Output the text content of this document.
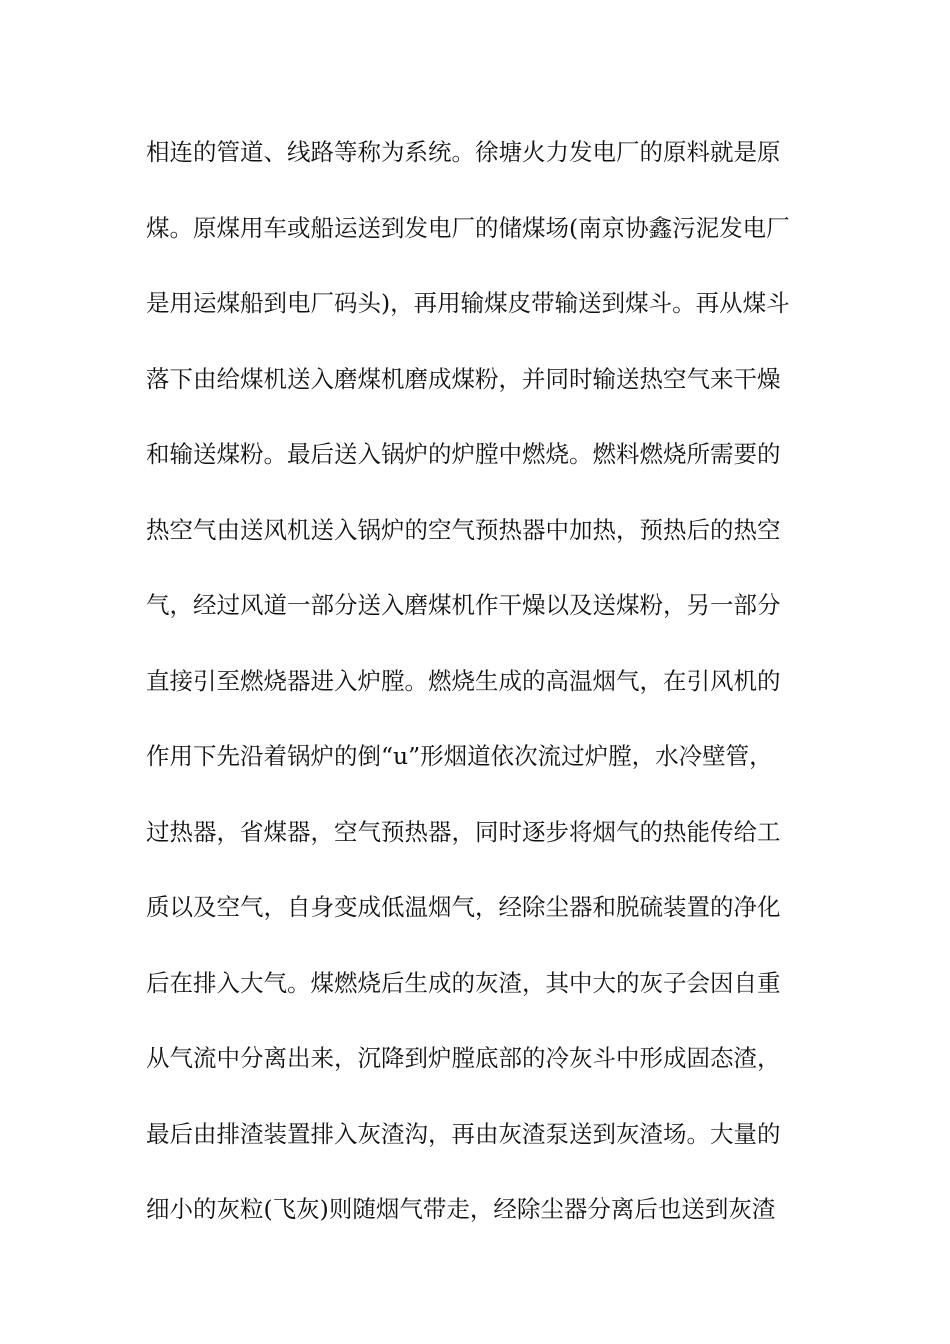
相连的管道、线路等称为系统。徐塘火力发电厂的原料就是原
煤。原煤用车或船运送到发电厂的储煤场(南京协鑫污泥发电厂
是用运煤船到电厂码头)，再用输煤皮带输送到煤斗。再从煤斗
落下由给煤机送入磨煤机磨成煤粉，并同时输送热空气来干燥
和输送煤粉。最后送入锅炉的炉膛中燃烧。燃料燃烧所需要的
热空气由送风机送入锅炉的空气预热器中加热，预热后的热空
气，经过风道一部分送入磨煤机作干燥以及送煤粉，另一部分
直接引至燃烧器进入炉膛。燃烧生成的高温烟气，在引风机的
作用下先沿着锅炉的倒“u”形烟道依次流过炉膛，水冷壁管，
过热器，省煤器，空气预热器，同时逐步将烟气的热能传给工
质以及空气，自身变成低温烟气，经除尘器和脱硫装置的净化
后在排入大气。煤燃烧后生成的灰渣，其中大的灰子会因自重
从气流中分离出来，沉降到炉膛底部的冷灰斗中形成固态渣，
最后由排渣装置排入灰渣沟，再由灰渣泵送到灰渣场。大量的
细小的灰粒(飞灰)则随烟气带走，经除尘器分离后也送到灰渣
